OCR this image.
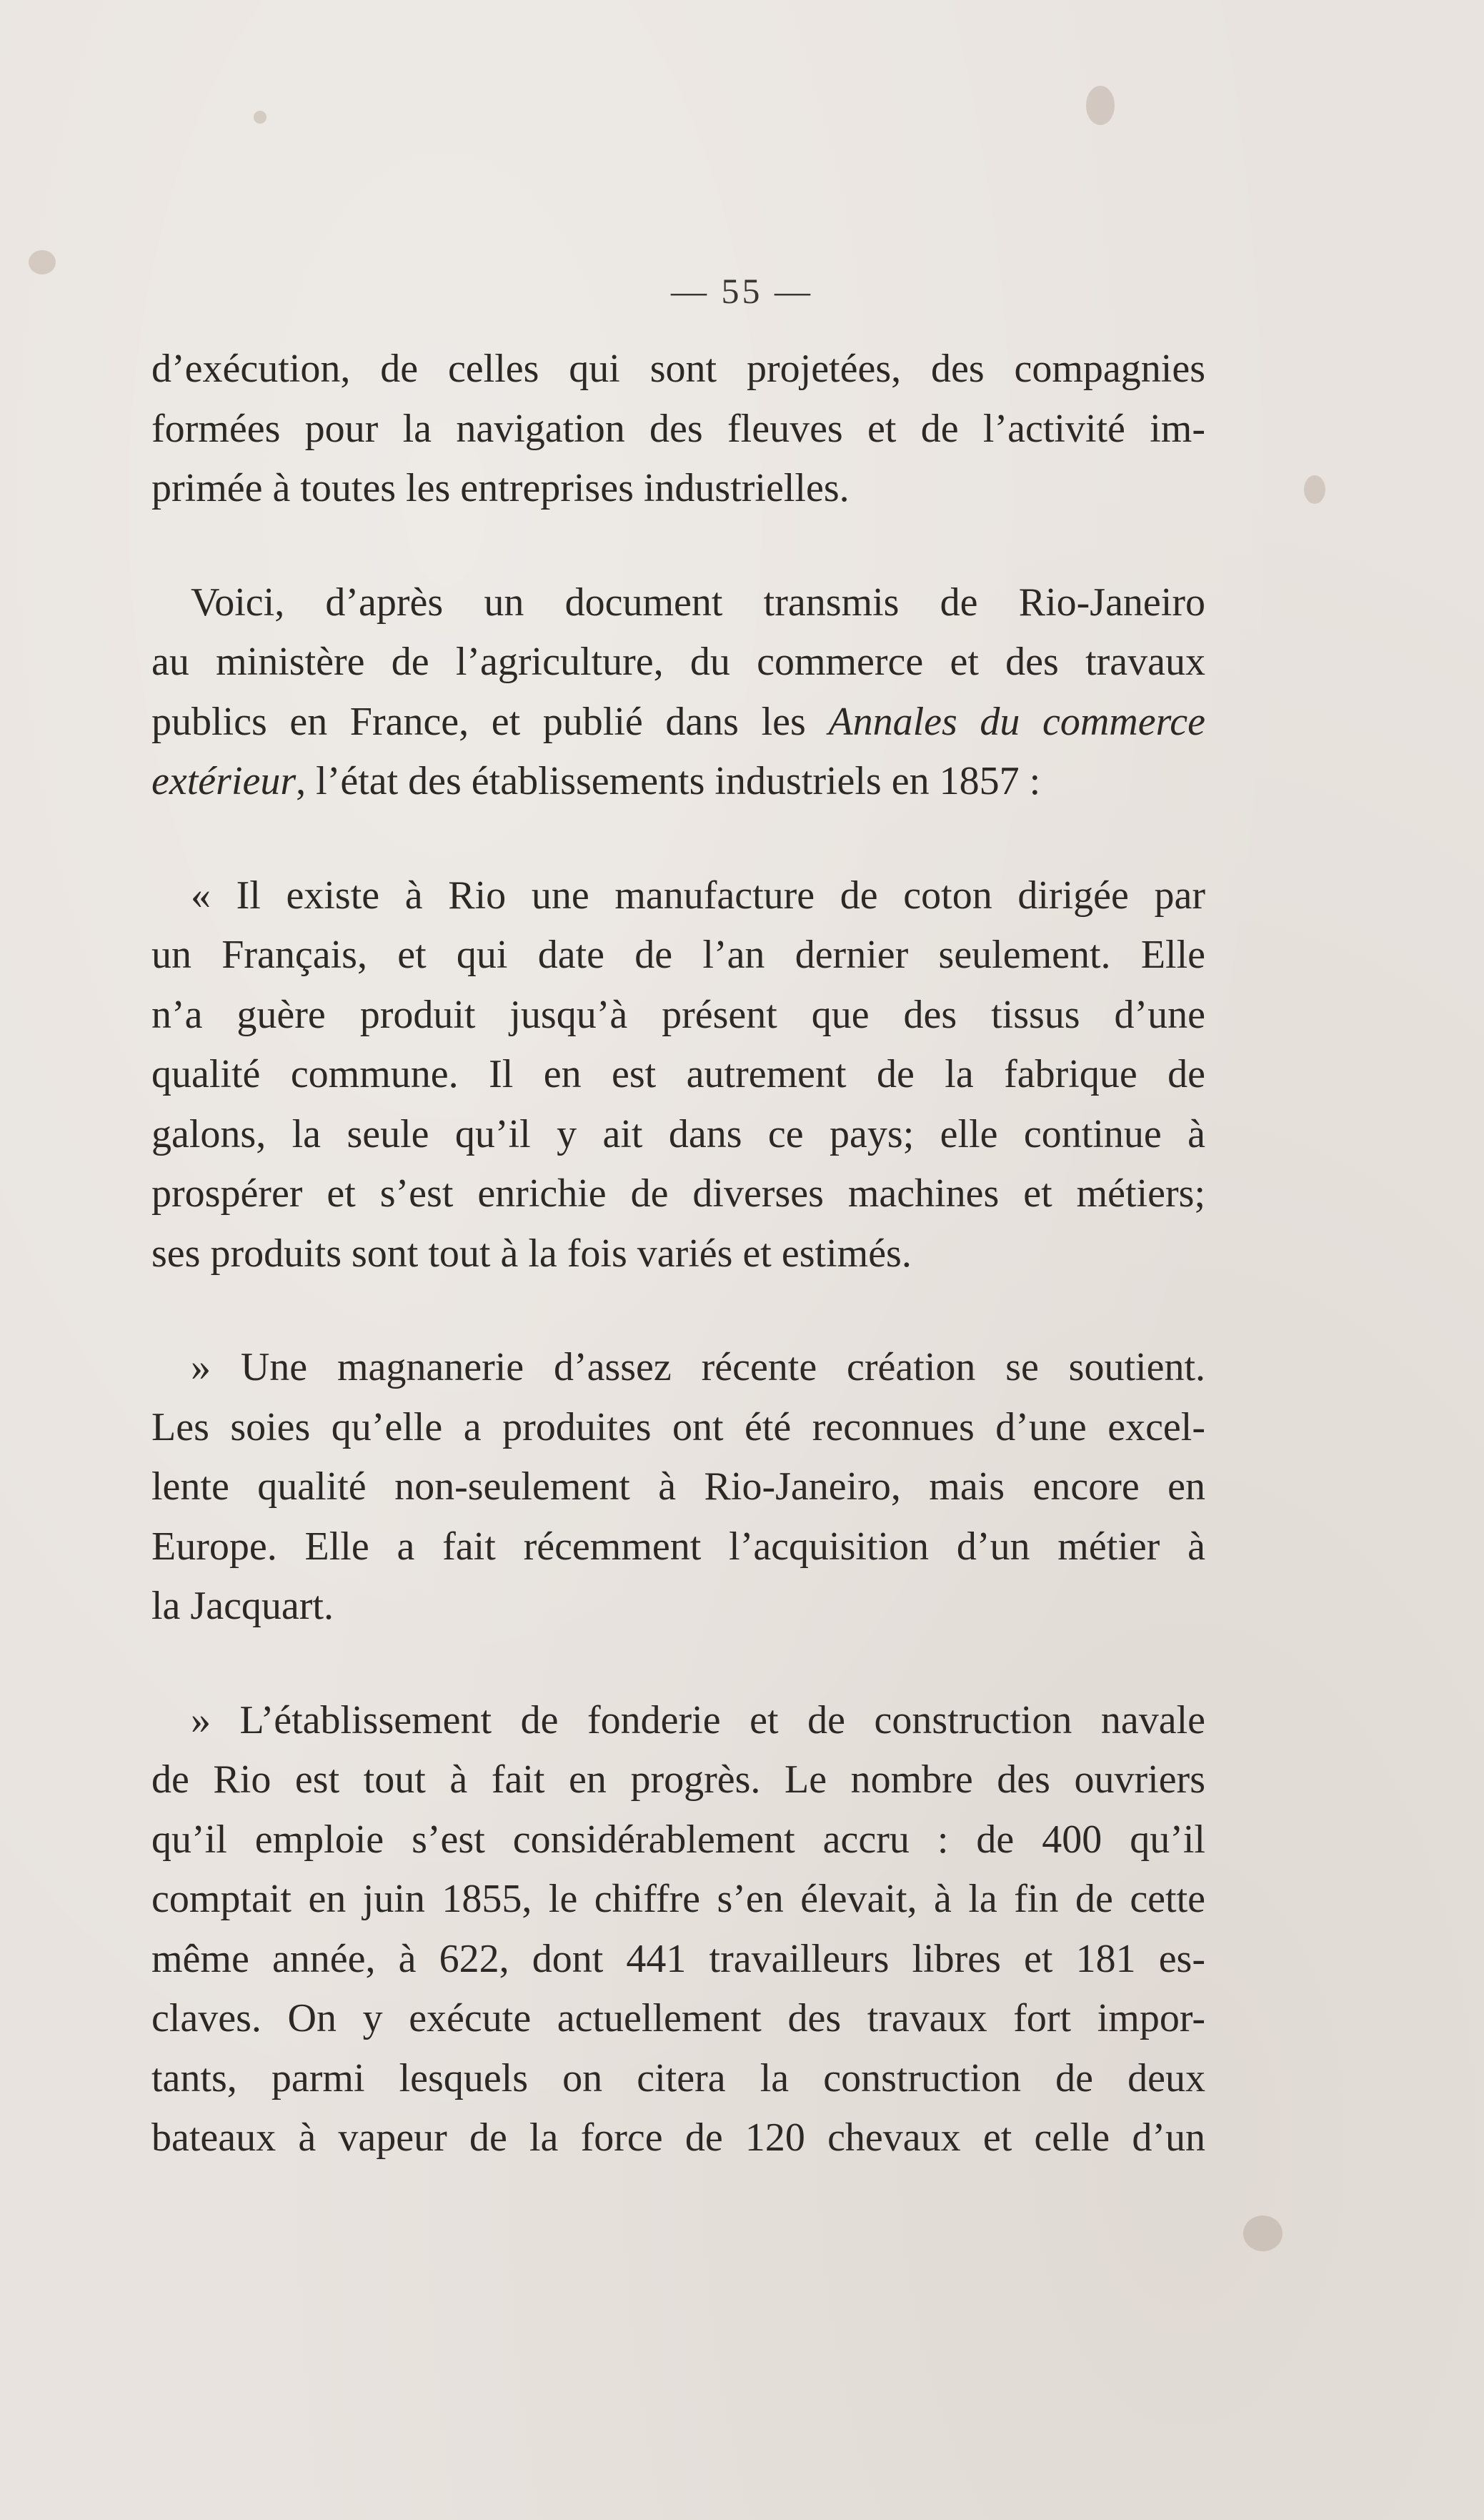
— 55 —

d’exécution, de celles qui sont projetées, des compagnies
formées pour la navigation des fleuves et de l’activité im-
primée à toutes les entreprises industrielles.

Voici, d’après un document transmis de Rio-Janeiro
au ministère de l’agriculture, du commerce et des travaux
publics en France, et publié dans les Annales du commerce
extérieur, l’état des établissements industriels en 1857 :

« Il existe à Rio une manufacture de coton dirigée par
un Français, et qui date de l’an dernier seulement. Elle
n’a guère produit jusqu’à présent que des tissus d’une
qualité commune. Il en est autrement de la fabrique de
galons, la seule qu’il y ait dans ce pays; elle continue à
prospérer et s’est enrichie de diverses machines et métiers;
ses produits sont tout à la fois variés et estimés.

» Une magnanerie d’assez récente création se soutient.
Les soies qu’elle a produites ont été reconnues d’une excel-
lente qualité non-seulement à Rio-Janeiro, mais encore en
Europe. Elle a fait récemment l’acquisition d’un métier à
la Jacquart.

» L’établissement de fonderie et de construction navale
de Rio est tout à fait en progrès. Le nombre des ouvriers
qu’il emploie s’est considérablement accru : de 400 qu’il
comptait en juin 1855, le chiffre s’en élevait, à la fin de cette
même année, à 622, dont 441 travailleurs libres et 181 es-
claves. On y exécute actuellement des travaux fort impor-
tants, parmi lesquels on citera la construction de deux
bateaux à vapeur de la force de 120 chevaux et celle d’un
